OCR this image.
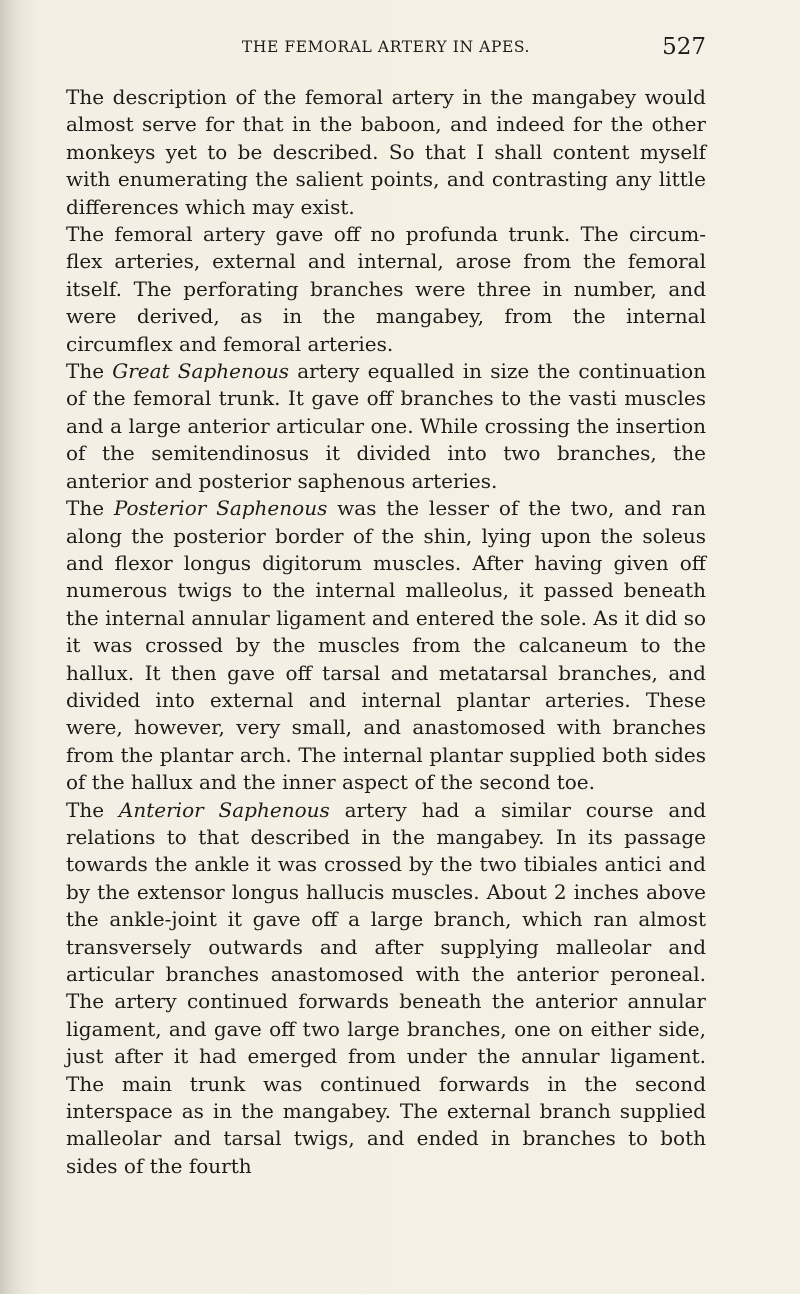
THE FEMORAL ARTERY IN APES.	527

The description of the femoral artery in the mangabey would almost serve for that in the baboon, and indeed for the other monkeys yet to be described. So that I shall content myself with enumerating the salient points, and contrasting any little differences which may exist.

The femoral artery gave off no profunda trunk. The circum- flex arteries, external and internal, arose from the femoral itself. The perforating branches were three in number, and were derived, as in the mangabey, from the internal circumflex and femoral arteries.

The Great Saphenous artery equalled in size the continuation of the femoral trunk. It gave off branches to the vasti muscles and a large anterior articular one. While crossing the insertion of the semitendinosus it divided into two branches, the anterior and posterior saphenous arteries.

The Posterior Saphenous was the lesser of the two, and ran along the posterior border of the shin, lying upon the soleus and flexor longus digitorum muscles. After having given off numerous twigs to the internal malleolus, it passed beneath the internal annular ligament and entered the sole. As it did so it was crossed by the muscles from the calcaneum to the hallux. It then gave off tarsal and metatarsal branches, and divided into external and internal plantar arteries. These were, however, very small, and anastomosed with branches from the plantar arch. The internal plantar supplied both sides of the hallux and the inner aspect of the second toe.

The Anterior Saphenous artery had a similar course and relations to that described in the mangabey. In its passage towards the ankle it was crossed by the two tibiales antici and by the extensor longus hallucis muscles. About 2 inches above the ankle-joint it gave off a large branch, which ran almost transversely outwards and after supplying malleolar and articular branches anastomosed with the anterior peroneal. The artery continued forwards beneath the anterior annular ligament, and gave off two large branches, one on either side, just after it had emerged from under the annular ligament. The main trunk was continued forwards in the second interspace as in the mangabey. The external branch supplied malleolar and tarsal twigs, and ended in branches to both sides of the fourth
